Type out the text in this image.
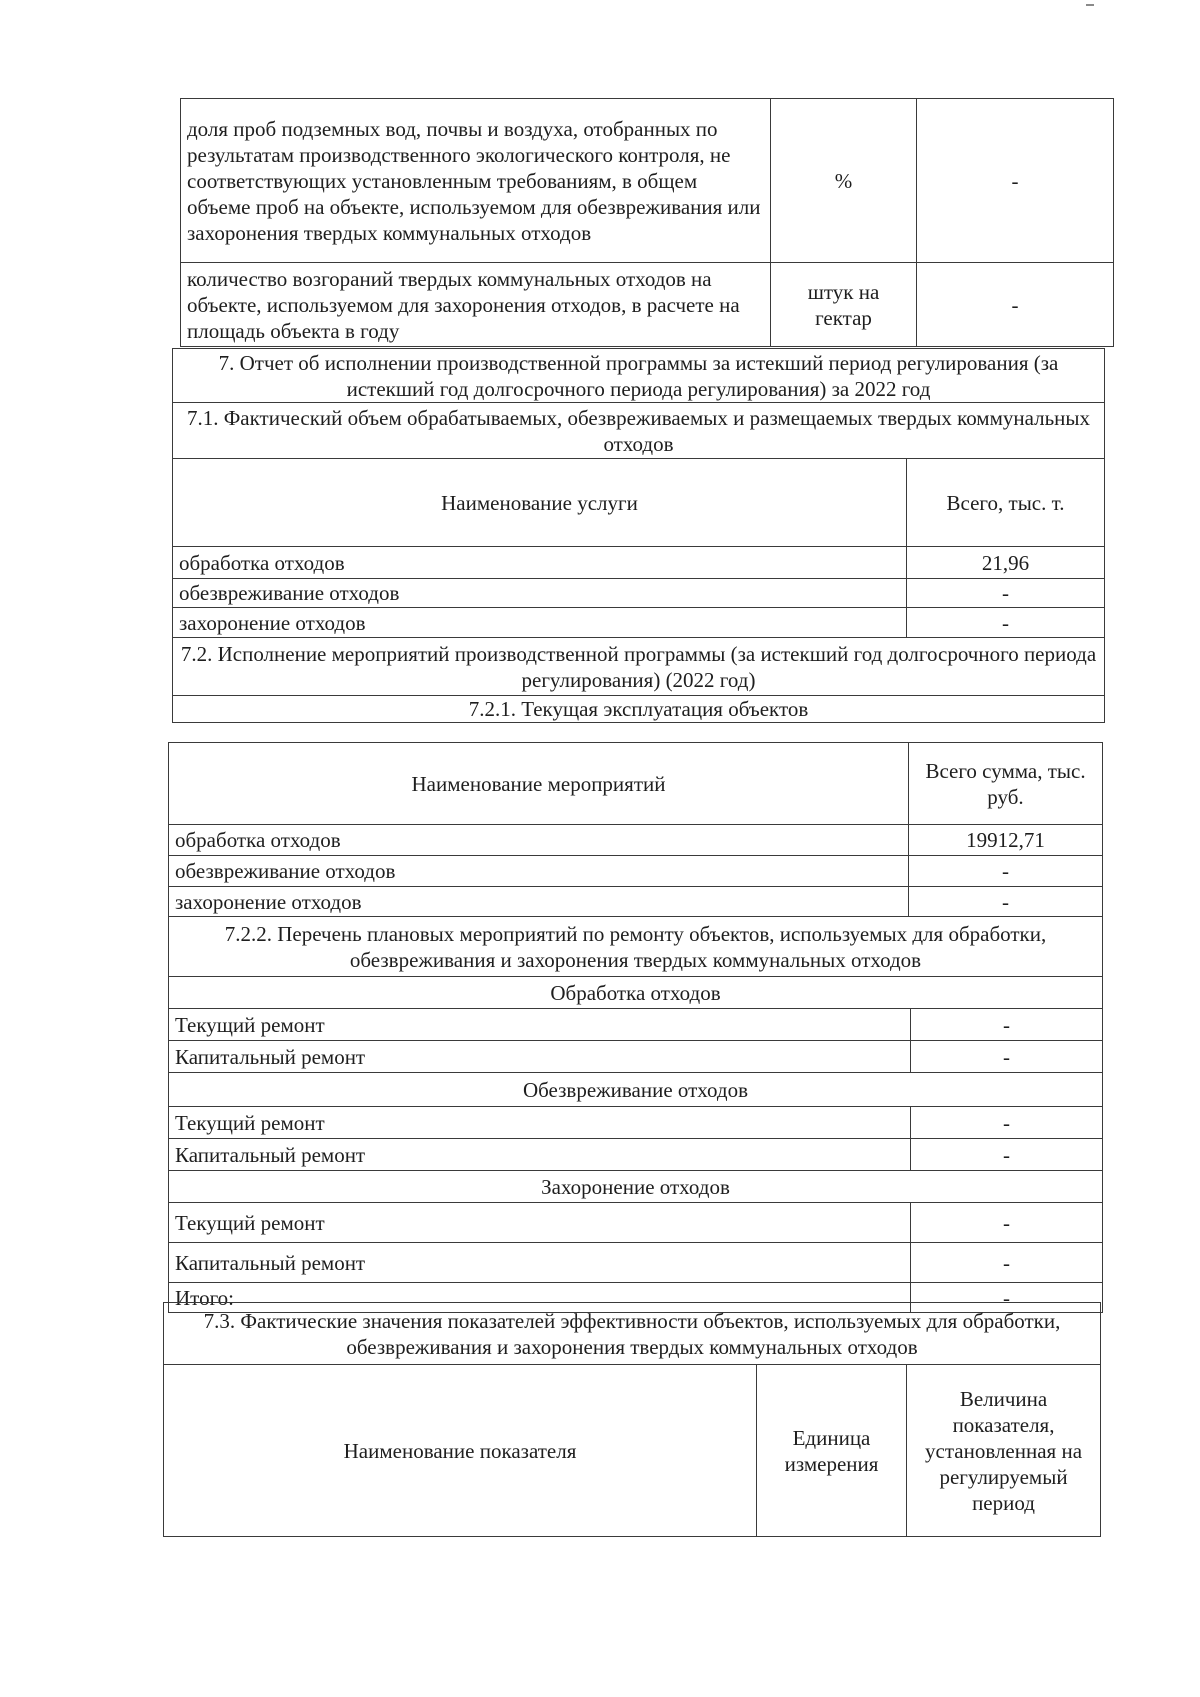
доля проб подземных вод, почвы и воздуха, отобранных по результатам производственного экологического контроля, не соответствующих установленным требованиям, в общем объеме проб на объекте, используемом для обезвреживания или захоронения твердых коммунальных отходов	%	-
количество возгораний твердых коммунальных отходов на объекте, используемом для захоронения отходов, в расчете на площадь объекта в году	штук на гектар	-
7. Отчет об исполнении производственной программы за истекший период регулирования (за истекший год долгосрочного периода регулирования) за 2022 год	
7.1. Фактический объем обрабатываемых, обезвреживаемых и размещаемых твердых коммунальных отходов	
Наименование услуги	Всего, тыс. т.
обработка отходов	21,96
обезвреживание отходов	-
захоронение отходов	-
7.2. Исполнение мероприятий производственной программы (за истекший год долгосрочного периода регулирования) (2022 год)	
7.2.1. Текущая эксплуатация объектов	
Наименование мероприятий	Всего сумма, тыс. руб.
обработка отходов	19912,71
обезвреживание отходов	-
захоронение отходов	-
7.2.2. Перечень плановых мероприятий по ремонту объектов, используемых для обработки, обезвреживания и захоронения твердых коммунальных отходов	
Обработка отходов	
Текущий ремонт	-
Капитальный ремонт	-
Обезвреживание отходов	
Текущий ремонт	-
Капитальный ремонт	-
Захоронение отходов	
Текущий ремонт	-
Капитальный ремонт	-
Итого:	-
7.3. Фактические значения показателей эффективности объектов, используемых для обработки, обезвреживания и захоронения твердых коммунальных отходов
Наименование показателя	Единица измерения	Величина показателя, установленная на регулируемый период
